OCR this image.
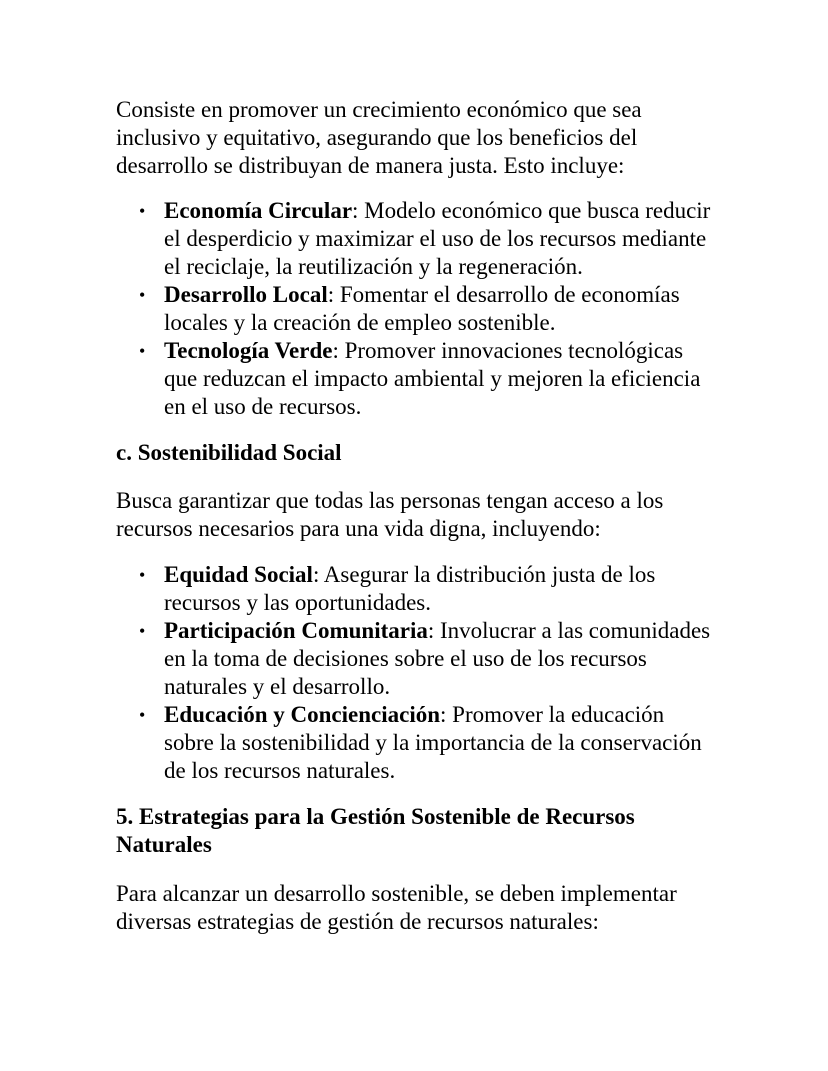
Consiste en promover un crecimiento económico que sea inclusivo y equitativo, asegurando que los beneficios del desarrollo se distribuyan de manera justa. Esto incluye:

• Economía Circular: Modelo económico que busca reducir el desperdicio y maximizar el uso de los recursos mediante el reciclaje, la reutilización y la regeneración.
• Desarrollo Local: Fomentar el desarrollo de economías locales y la creación de empleo sostenible.
• Tecnología Verde: Promover innovaciones tecnológicas que reduzcan el impacto ambiental y mejoren la eficiencia en el uso de recursos.
c. Sostenibilidad Social

Busca garantizar que todas las personas tengan acceso a los recursos necesarios para una vida digna, incluyendo:

• Equidad Social: Asegurar la distribución justa de los recursos y las oportunidades.
• Participación Comunitaria: Involucrar a las comunidades en la toma de decisiones sobre el uso de los recursos naturales y el desarrollo.
• Educación y Concienciación: Promover la educación sobre la sostenibilidad y la importancia de la conservación de los recursos naturales.
5. Estrategias para la Gestión Sostenible de Recursos Naturales

Para alcanzar un desarrollo sostenible, se deben implementar diversas estrategias de gestión de recursos naturales:
